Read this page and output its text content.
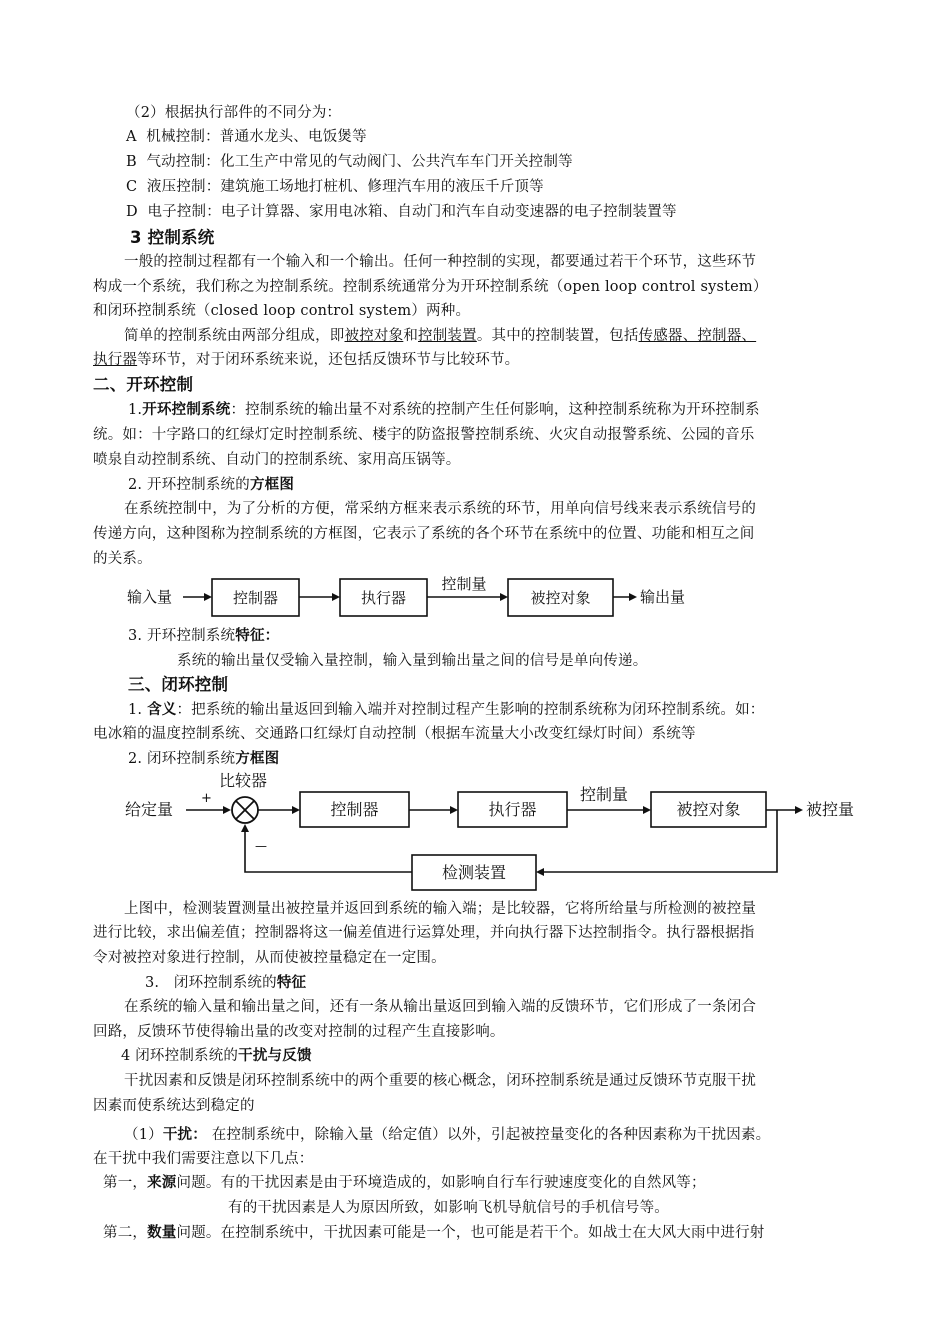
（2）根据执行部件的不同分为：
A 机械控制：普通水龙头、电饭煲等
B 气动控制：化工生产中常见的气动阀门、公共汽车车门开关控制等
C 液压控制：建筑施工场地打桩机、修理汽车用的液压千斤顶等
D 电子控制：电子计算器、家用电冰箱、自动门和汽车自动变速器的电子控制装置等
3 控制系统
一般的控制过程都有一个输入和一个输出。任何一种控制的实现，都要通过若干个环节，这些环节
构成一个系统，我们称之为控制系统。控制系统通常分为开环控制系统（open loop control system）
和闭环控制系统（closed loop control system）两种。
简单的控制系统由两部分组成，即被控对象和控制装置。其中的控制装置，包括传感器、控制器、
执行器等环节，对于闭环系统来说，还包括反馈环节与比较环节。
二、开环控制
1.开环控制系统：控制系统的输出量不对系统的控制产生任何影响，这种控制系统称为开环控制系
统。如：十字路口的红绿灯定时控制系统、楼宇的防盗报警控制系统、火灾自动报警系统、公园的音乐
喷泉自动控制系统、自动门的控制系统、家用高压锅等。
2. 开环控制系统的方框图
在系统控制中，为了分析的方便，常采纳方框来表示系统的环节，用单向信号线来表示系统信号的
传递方向，这种图称为控制系统的方框图，它表示了系统的各个环节在系统中的位置、功能和相互之间
的关系。
输入量	控制器	执行器
控制量
被控对象	输出量
3. 开环控制系统特征：
系统的输出量仅受输入量控制，输入量到输出量之间的信号是单向传递。
三、闭环控制
1. 含义：把系统的输出量返回到输入端并对控制过程产生影响的控制系统称为闭环控制系统。如：
电冰箱的温度控制系统、交通路口红绿灯自动控制（根据车流量大小改变红绿灯时间）系统等
2. 闭环控制系统方框图
比较器
给定量
+
—
控制器	执行器
控制量
被控对象	被控量
检测装置
上图中，检测装置测量出被控量并返回到系统的输入端；是比较器，它将所给量与所检测的被控量
进行比较，求出偏差值；控制器将这一偏差值进行运算处理，并向执行器下达控制指令。执行器根据指
令对被控对象进行控制，从而使被控量稳定在一定围。
3.　闭环控制系统的特征
在系统的输入量和输出量之间，还有一条从输出量返回到输入端的反馈环节，它们形成了一条闭合
回路，反馈环节使得输出量的改变对控制的过程产生直接影响。
4 闭环控制系统的干扰与反馈
干扰因素和反馈是闭环控制系统中的两个重要的核心概念，闭环控制系统是通过反馈环节克服干扰
因素而使系统达到稳定的
（1）干扰： 在控制系统中，除输入量（给定值）以外，引起被控量变化的各种因素称为干扰因素。
在干扰中我们需要注意以下几点：
第一，来源问题。有的干扰因素是由于环境造成的，如影响自行车行驶速度变化的自然风等；
有的干扰因素是人为原因所致，如影响飞机导航信号的手机信号等。
第二，数量问题。在控制系统中，干扰因素可能是一个，也可能是若干个。如战士在大风大雨中进行射
